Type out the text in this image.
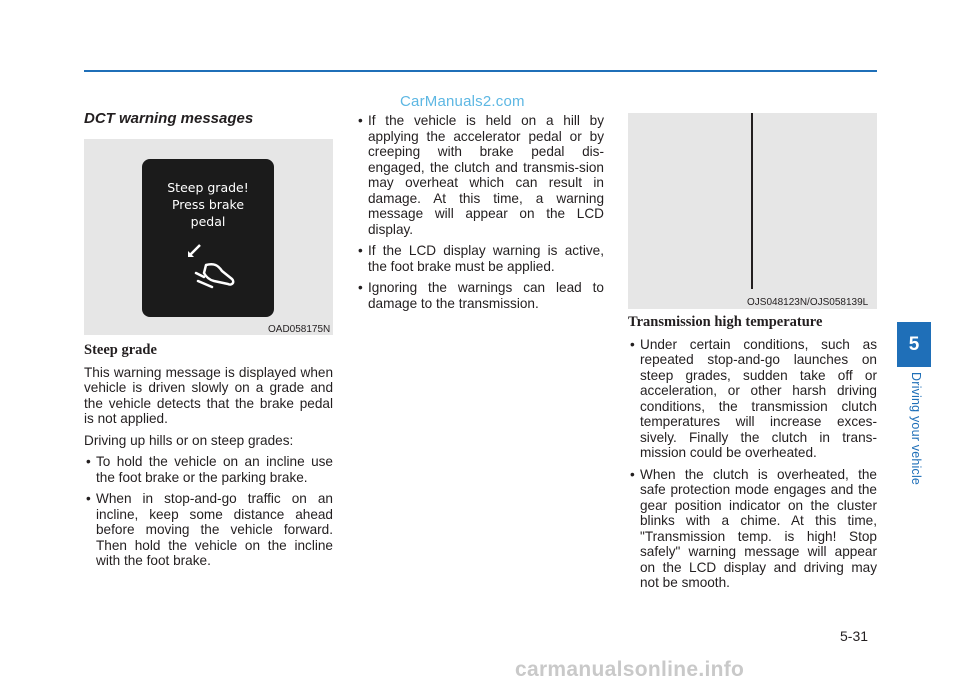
CarManuals2.com
DCT warning messages
Steep grade!
Press brake
pedal
OAD058175N
Steep grade

This warning message is displayed when vehicle is driven slowly on a grade and the vehicle detects that the brake pedal is not applied.

Driving up hills or on steep grades:

• To hold the vehicle on an incline use the foot brake or the parking brake.
• When in stop-and-go traffic on an incline, keep some distance ahead before moving the vehicle forward. Then hold the vehicle on the incline with the foot brake.
• If the vehicle is held on a hill by applying the accelerator pedal or by creeping with brake pedal dis-engaged, the clutch and transmis-sion may overheat which can result in damage. At this time, a warning message will appear on the LCD display.
• If the LCD display warning is active, the foot brake must be applied.
• Ignoring the warnings can lead to damage to the transmission.	OJS048123N/OJS058139L
Transmission high temperature
• Under certain conditions, such as repeated stop-and-go launches on steep grades, sudden take off or acceleration, or other harsh driving conditions, the transmission clutch temperatures will increase exces-sively. Finally the clutch in trans-mission could be overheated.
• When the clutch is overheated, the safe protection mode engages and the gear position indicator on the cluster blinks with a chime. At this time, "Transmission temp. is high! Stop safely" warning message will appear on the LCD display and driving may not be smooth.
5
Driving your vehicle
5-31
carmanualsonline.info
